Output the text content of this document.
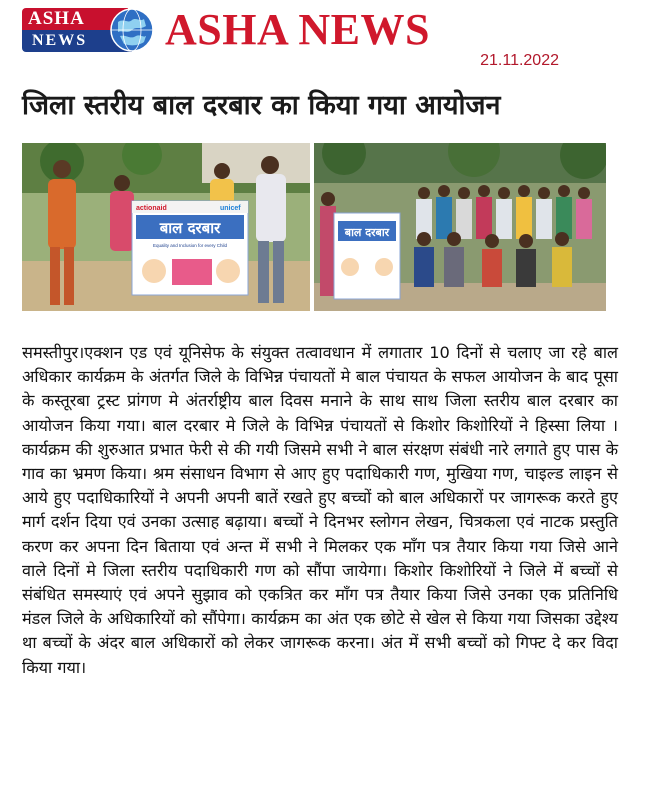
ASHA
NEWS	ASHA NEWS
21.11.2022
जिला स्तरीय बाल दरबार का किया गया आयोजन
actionaid	unicef
बाल दरबार
Equality and Inclusion for every Child
बाल दरबार
समस्तीपुर।एक्शन एड एवं यूनिसेफ के संयुक्त तत्वावधान में लगातार 10 दिनों से चलाए जा रहे बाल अधिकार कार्यक्रम के अंतर्गत जिले के विभिन्न पंचायतों मे बाल पंचायत के सफल आयोजन के बाद पूसा के कस्तूरबा ट्रस्ट प्रांगण मे अंतर्राष्ट्रीय बाल दिवस मनाने के साथ साथ जिला स्तरीय बाल दरबार का आयोजन किया गया। बाल दरबार मे जिले के विभिन्न पंचायतों से किशोर किशोरियों ने हिस्सा लिया । कार्यक्रम की शुरुआत प्रभात फेरी से की गयी जिसमे सभी ने बाल संरक्षण संबंधी नारे लगाते हुए पास के गाव का भ्रमण किया। श्रम संसाधन विभाग से आए हुए पदाधिकारी गण, मुखिया गण, चाइल्ड लाइन से आये हुए पदाधिकारियों ने अपनी अपनी बातें रखते हुए बच्चों को बाल अधिकारों पर जागरूक करते हुए मार्ग दर्शन दिया एवं उनका उत्साह बढ़ाया। बच्चों ने दिनभर स्लोगन लेखन, चित्रकला एवं नाटक प्रस्तुति करण कर अपना दिन बिताया एवं अन्त में सभी ने मिलकर एक माँग पत्र तैयार किया गया जिसे आने वाले दिनों मे जिला स्तरीय पदाधिकारी गण को सौंपा जायेगा। किशोर किशोरियों ने जिले में बच्चों से संबंधित समस्याएं एवं अपने सुझाव को एकत्रित कर माँग पत्र तैयार किया जिसे उनका एक प्रतिनिधि मंडल जिले के अधिकारियों को सौंपेगा। कार्यक्रम का अंत एक छोटे से खेल से किया गया जिसका उद्देश्य था बच्चों के अंदर बाल अधिकारों को लेकर जागरूक करना। अंत में सभी बच्चों को गिफ्ट दे कर विदा किया गया।
